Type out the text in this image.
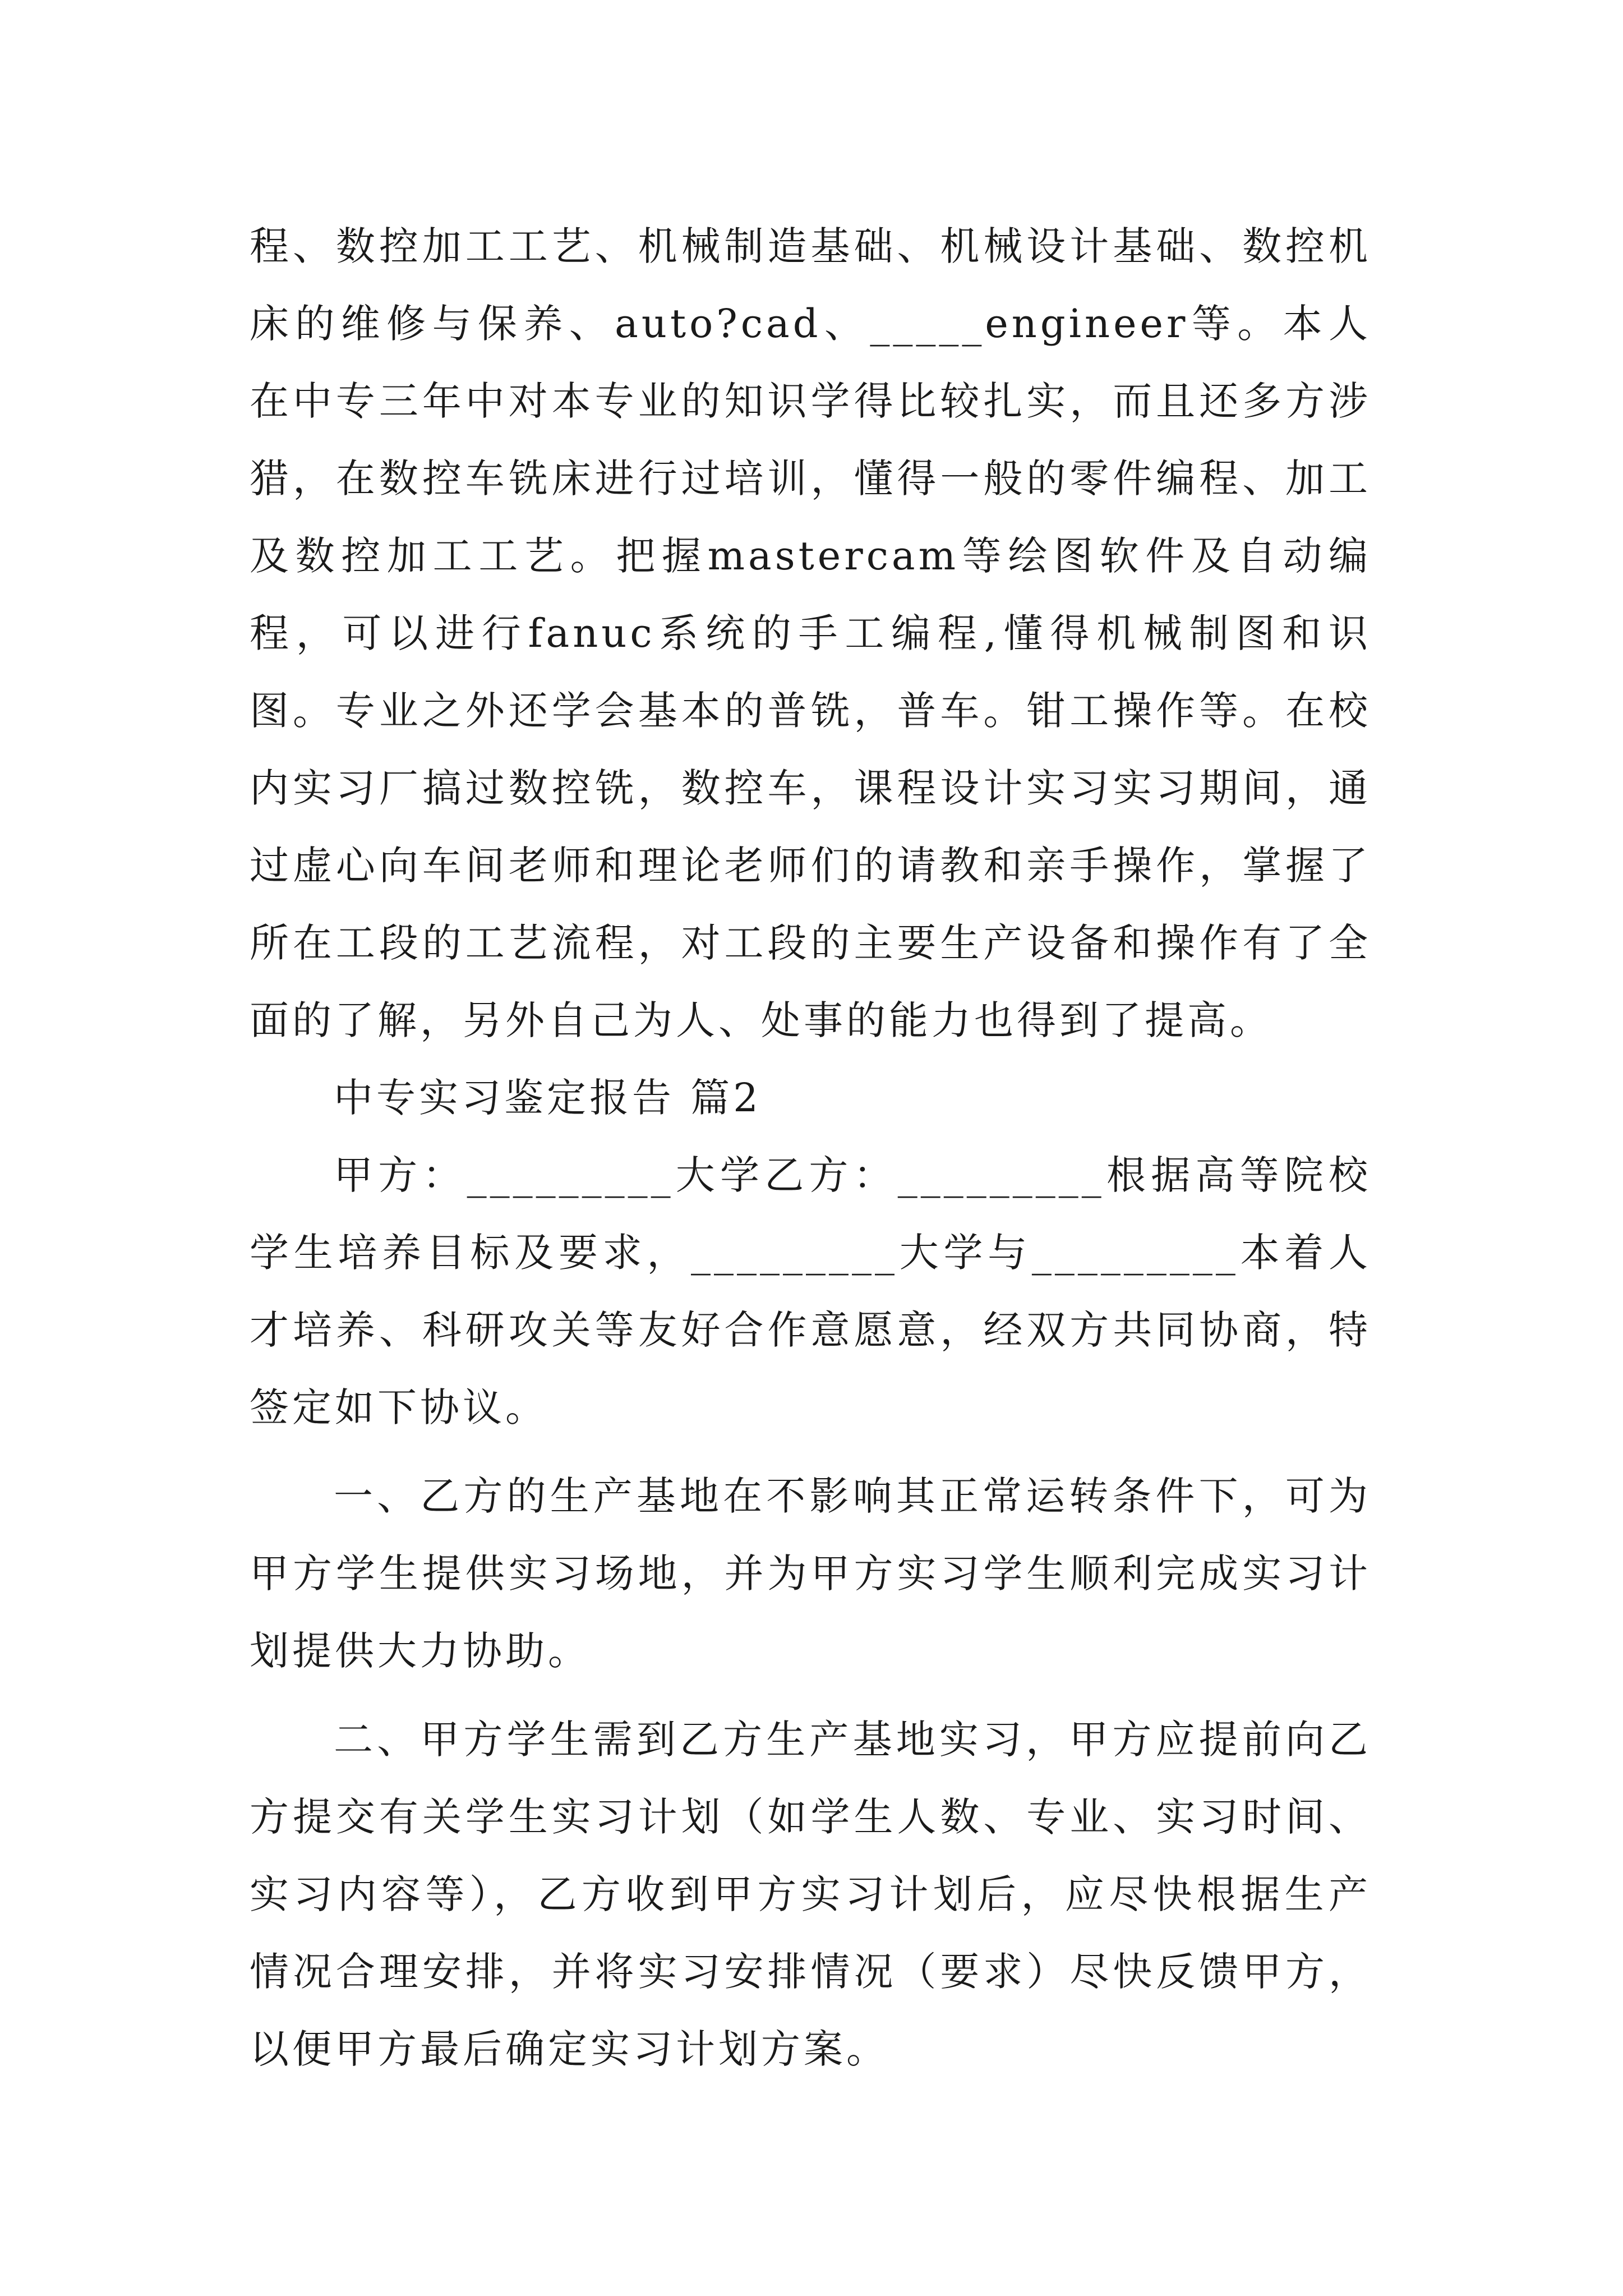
程、数控加工工艺、机械制造基础、机械设计基础、数控机床的维修与保养、auto?cad、_____engineer等。本人在中专三年中对本专业的知识学得比较扎实，而且还多方涉猎，在数控车铣床进行过培训，懂得一般的零件编程、加工及数控加工工艺。把握mastercam等绘图软件及自动编程，可以进行fanuc系统的手工编程,懂得机械制图和识图。专业之外还学会基本的普铣，普车。钳工操作等。在校内实习厂搞过数控铣，数控车，课程设计实习实习期间，通过虚心向车间老师和理论老师们的请教和亲手操作，掌握了所在工段的工艺流程，对工段的主要生产设备和操作有了全面的了解，另外自己为人、处事的能力也得到了提高。

中专实习鉴定报告 篇2

甲方：_________大学乙方：_________根据高等院校学生培养目标及要求，_________大学与_________本着人才培养、科研攻关等友好合作意愿意，经双方共同协商，特签定如下协议。

一、乙方的生产基地在不影响其正常运转条件下，可为甲方学生提供实习场地，并为甲方实习学生顺利完成实习计划提供大力协助。

二、甲方学生需到乙方生产基地实习，甲方应提前向乙方提交有关学生实习计划（如学生人数、专业、实习时间、实习内容等），乙方收到甲方实习计划后，应尽快根据生产情况合理安排，并将实习安排情况（要求）尽快反馈甲方，以便甲方最后确定实习计划方案。
